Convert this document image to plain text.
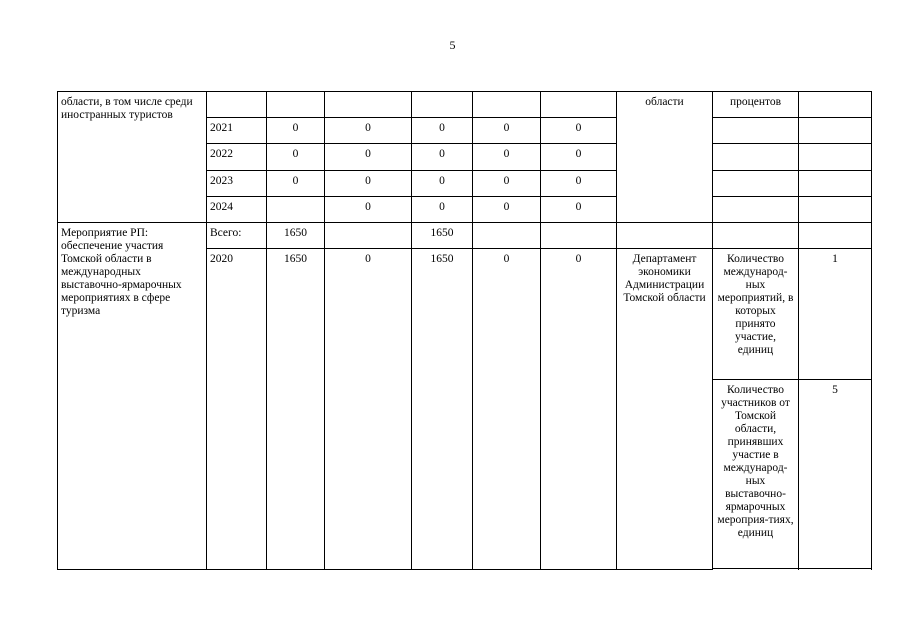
5
области, в том числе среди иностранных туристов							области	процентов	
	2021	0	0	0	0	0			
	2022	0	0	0	0	0			
	2023	0	0	0	0	0			
	2024		0	0	0	0			
Мероприятие РП: обеспечение участия Томской области в международных выставочно-ярмарочных мероприятиях в сфере туризма	Всего:	1650		1650					
	2020	1650	0	1650	0	0	Департамент экономики Администрации Томской области	Количество международ-ных мероприятий, в которых принято участие, единиц	1
								Количество участников от Томской области, принявших участие в международ-ных выставочно-ярмарочных мероприя-тиях, единиц	5
